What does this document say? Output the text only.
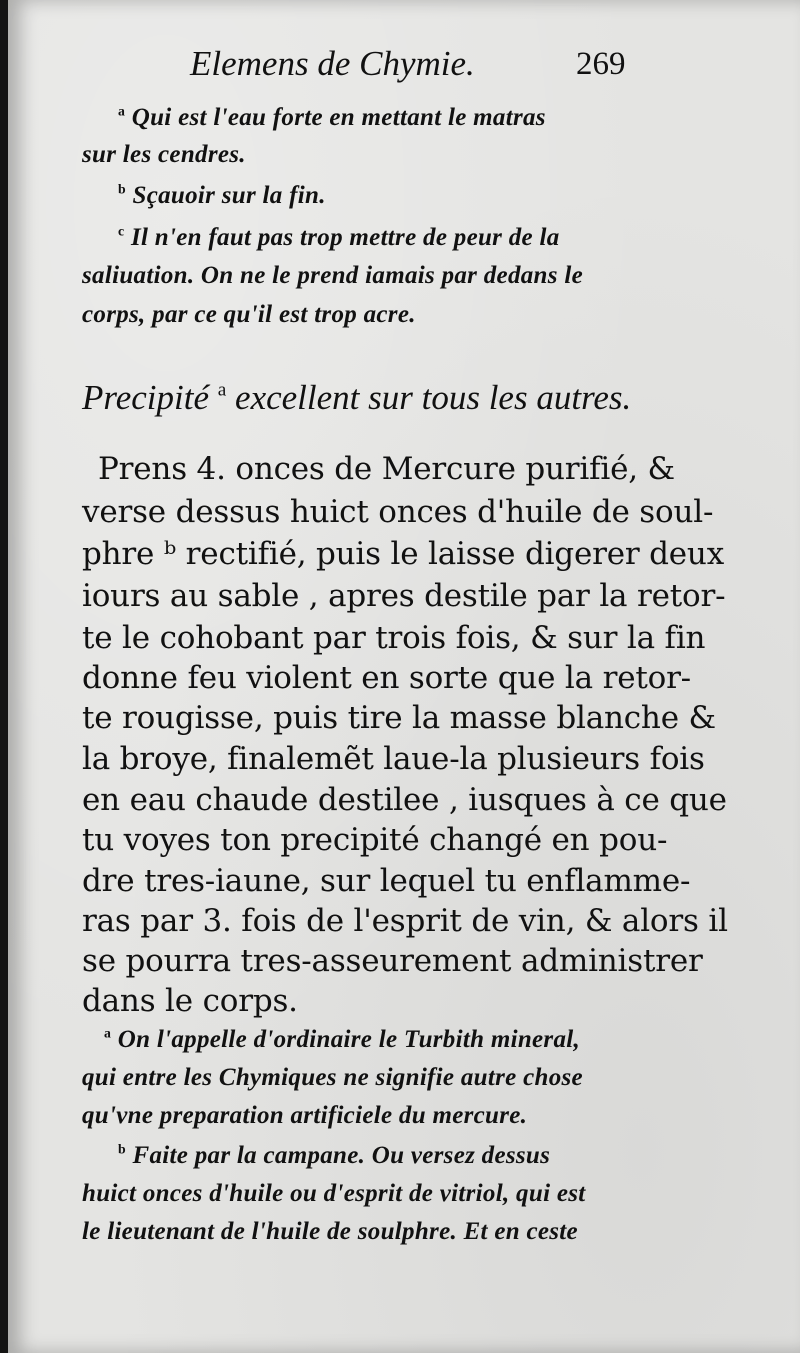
Elemens de Chymie.	269
$^a$ Qui est l'eau forte en mettant le matras
sur les cendres.
$^b$ Sçauoir sur la fin.
$^c$ Il n'en faut pas trop mettre de peur de la
saliuation. On ne le prend iamais par dedans le
corps, par ce qu'il est trop acre.
Precipité $^a$ excellent sur tous les autres.
Prens 4. onces de Mercure purifié, &
verse dessus huict onces d'huile de soul-
phre ᵇ rectifié, puis le laisse digerer deux
iours au sable , apres destile par la retor-
te le cohobant par trois fois, & sur la fin
donne feu violent en sorte que la retor-
te rougisse, puis tire la masse blanche &
la broye, finalemẽt laue-la plusieurs fois
en eau chaude destilee , iusques à ce que
tu voyes ton precipité changé en pou-
dre tres-iaune, sur lequel tu enflamme-
ras par 3. fois de l'esprit de vin, & alors il
se pourra tres-asseurement administrer
dans le corps.
$^a$ On l'appelle d'ordinaire le Turbith mineral,
qui entre les Chymiques ne signifie autre chose
qu'vne preparation artificiele du mercure.
$^b$ Faite par la campane. Ou versez dessus
huict onces d'huile ou d'esprit de vitriol, qui est
le lieutenant de l'huile de soulphre. Et en ceste
